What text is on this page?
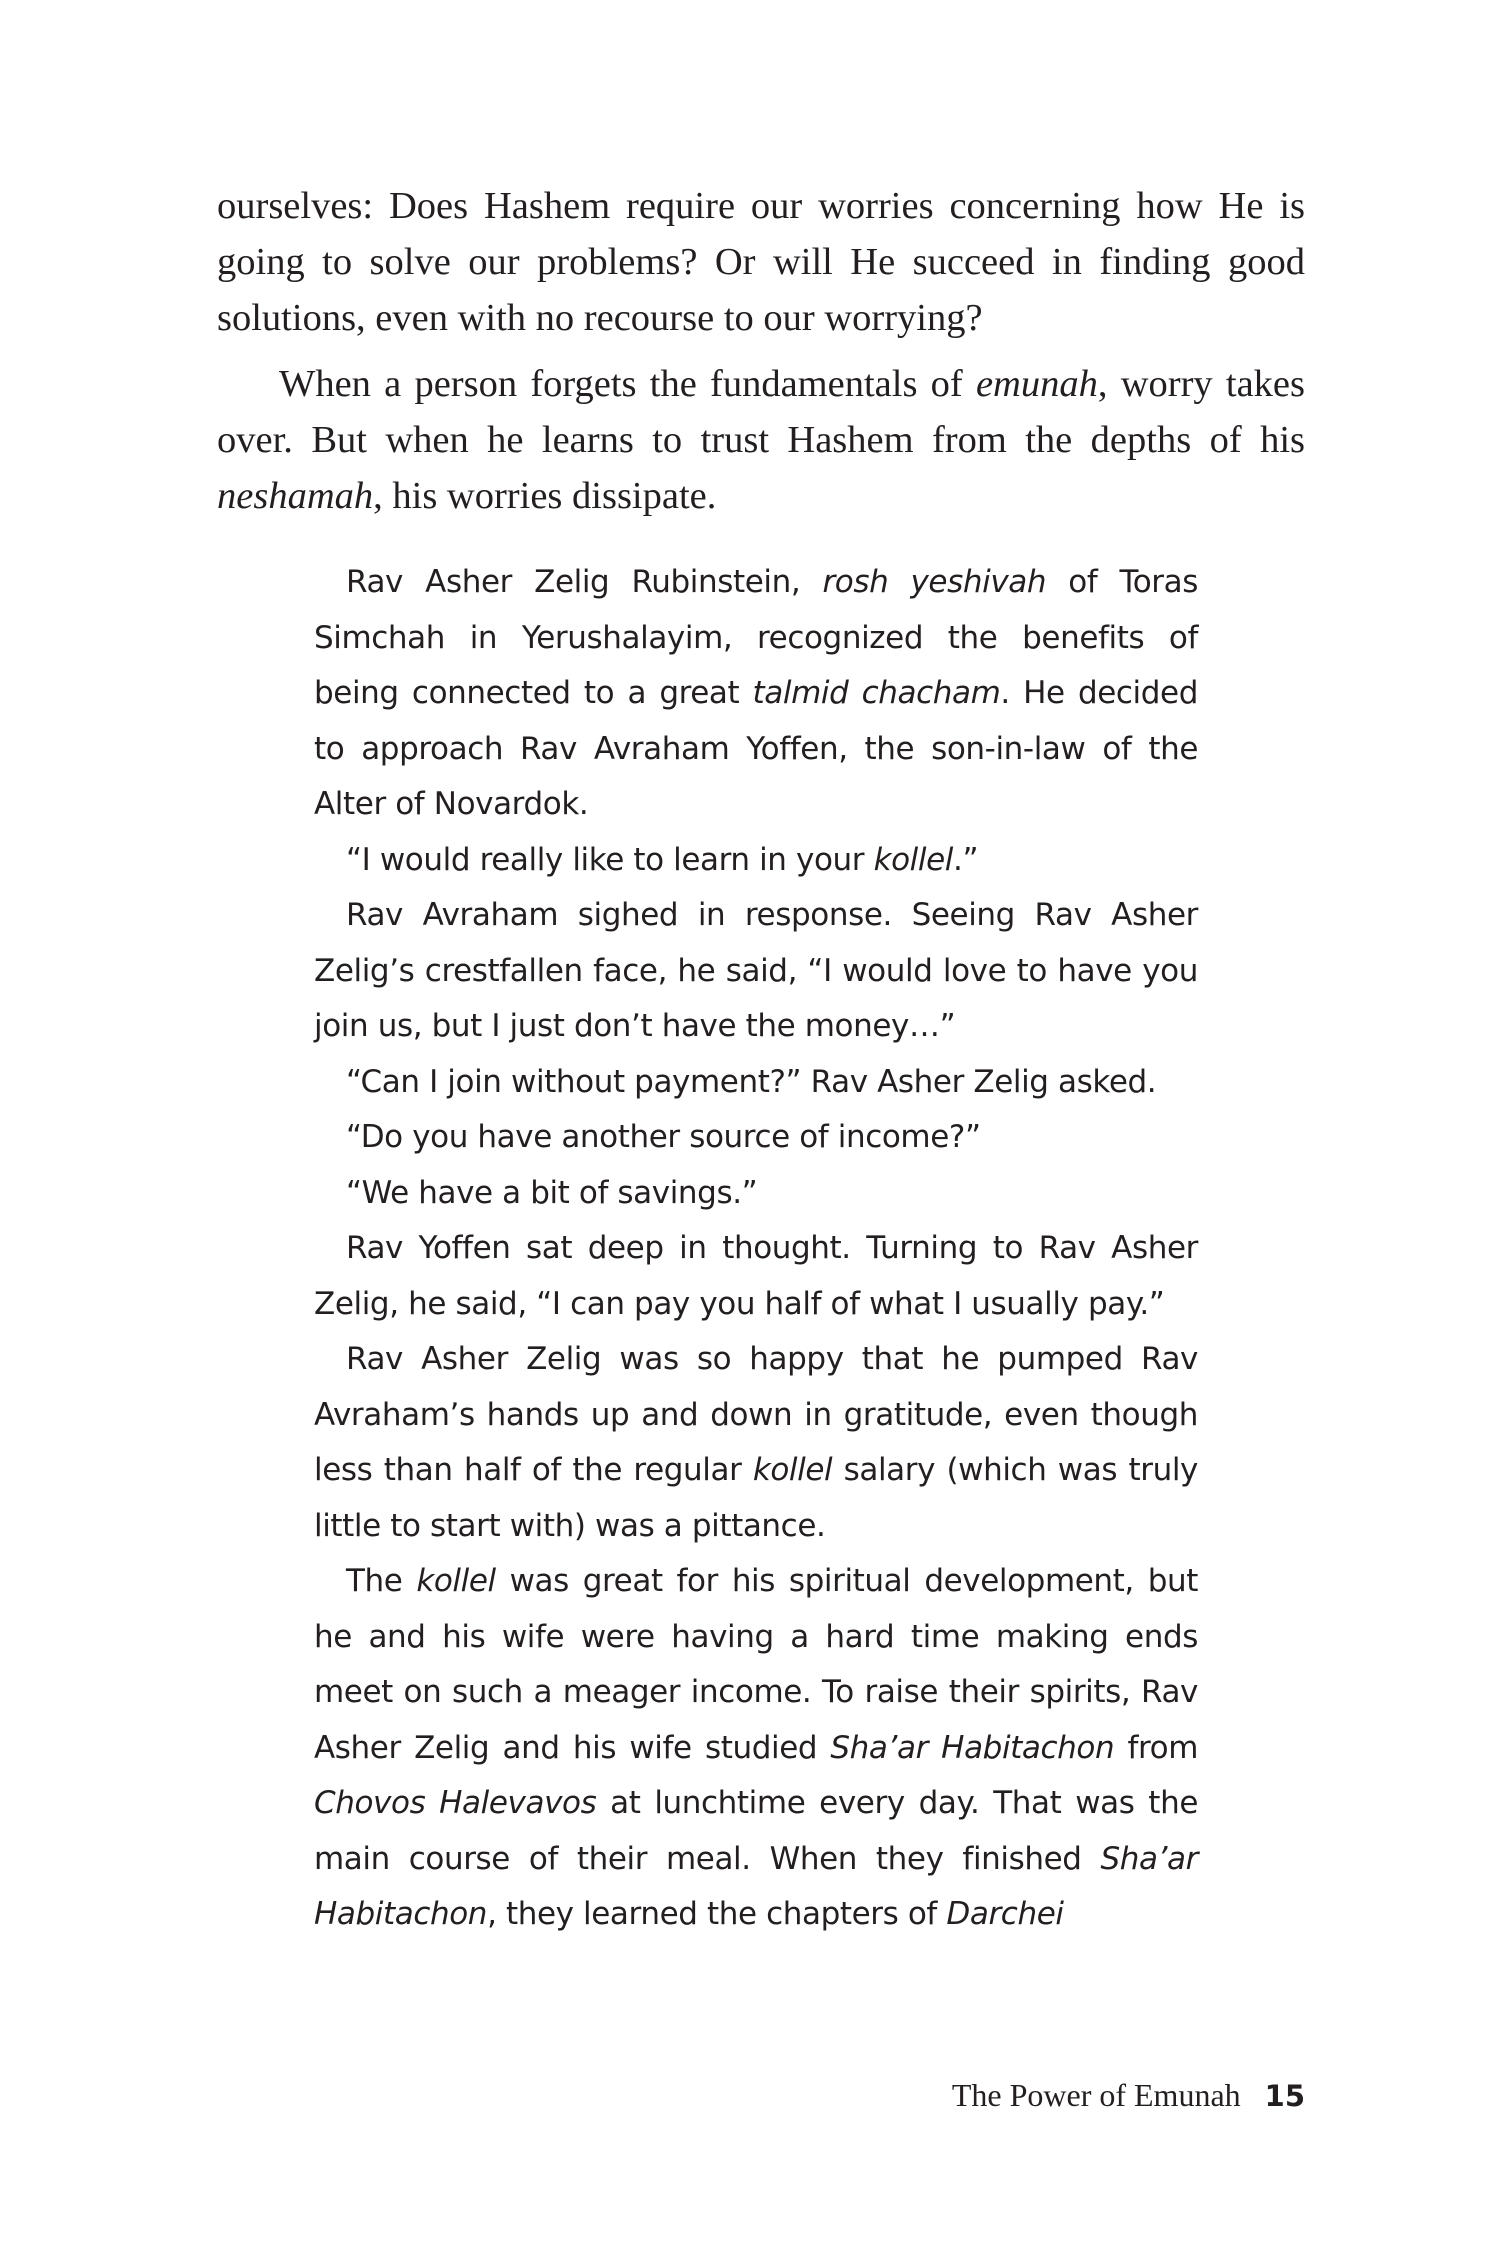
ourselves: Does Hashem require our worries concerning how He is going to solve our problems? Or will He succeed in finding good solutions, even with no recourse to our worrying?

When a person forgets the fundamentals of emunah, worry takes over. But when he learns to trust Hashem from the depths of his neshamah, his worries dissipate.

Rav Asher Zelig Rubinstein, rosh yeshivah of Toras Simchah in Yerushalayim, recognized the benefits of being connected to a great talmid chacham. He decided to approach Rav Avraham Yoffen, the son-in-law of the Alter of Novardok.

“I would really like to learn in your kollel.”

Rav Avraham sighed in response. Seeing Rav Asher Zelig’s crestfallen face, he said, “I would love to have you join us, but I just don’t have the money…”

“Can I join without payment?” Rav Asher Zelig asked.

“Do you have another source of income?”

“We have a bit of savings.”

Rav Yoffen sat deep in thought. Turning to Rav Asher Zelig, he said, “I can pay you half of what I usually pay.”

Rav Asher Zelig was so happy that he pumped Rav Avraham’s hands up and down in gratitude, even though less than half of the regular kollel salary (which was truly little to start with) was a pittance.

The kollel was great for his spiritual development, but he and his wife were having a hard time making ends meet on such a meager income. To raise their spirits, Rav Asher Zelig and his wife studied Sha’ar Habitachon from Chovos Halevavos at lunchtime every day. That was the main course of their meal. When they finished Sha’ar Habitachon, they learned the chapters of Darchei

The Power of Emunah 15
